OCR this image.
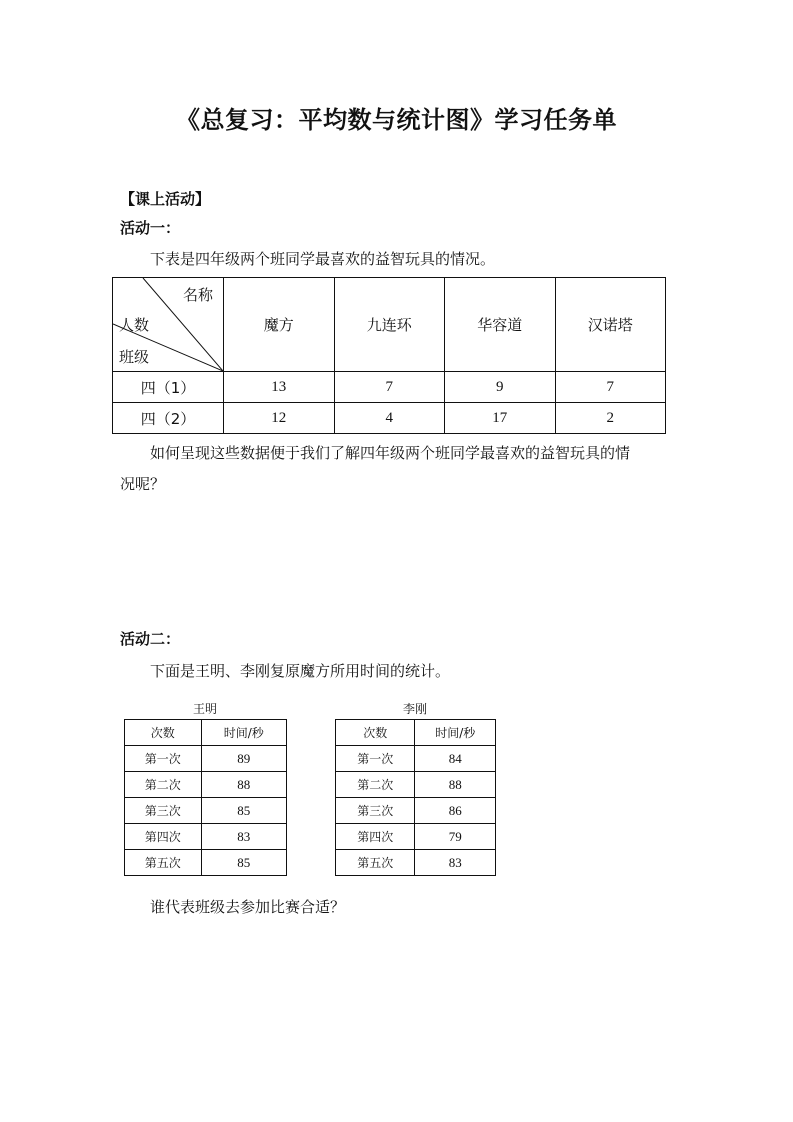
《总复习：平均数与统计图》学习任务单
【课上活动】
活动一：
下表是四年级两个班同学最喜欢的益智玩具的情况。
名称
人数
班级	魔方	九连环	华容道	汉诺塔
四（1）	13	7	9	7
四（2）	12	4	17	2
如何呈现这些数据便于我们了解四年级两个班同学最喜欢的益智玩具的情
况呢？
活动二：
下面是王明、李刚复原魔方所用时间的统计。
王明
次数	时间/秒
第一次	89
第二次	88
第三次	85
第四次	83
第五次	85
李刚
次数	时间/秒
第一次	84
第二次	88
第三次	86
第四次	79
第五次	83
谁代表班级去参加比赛合适？
